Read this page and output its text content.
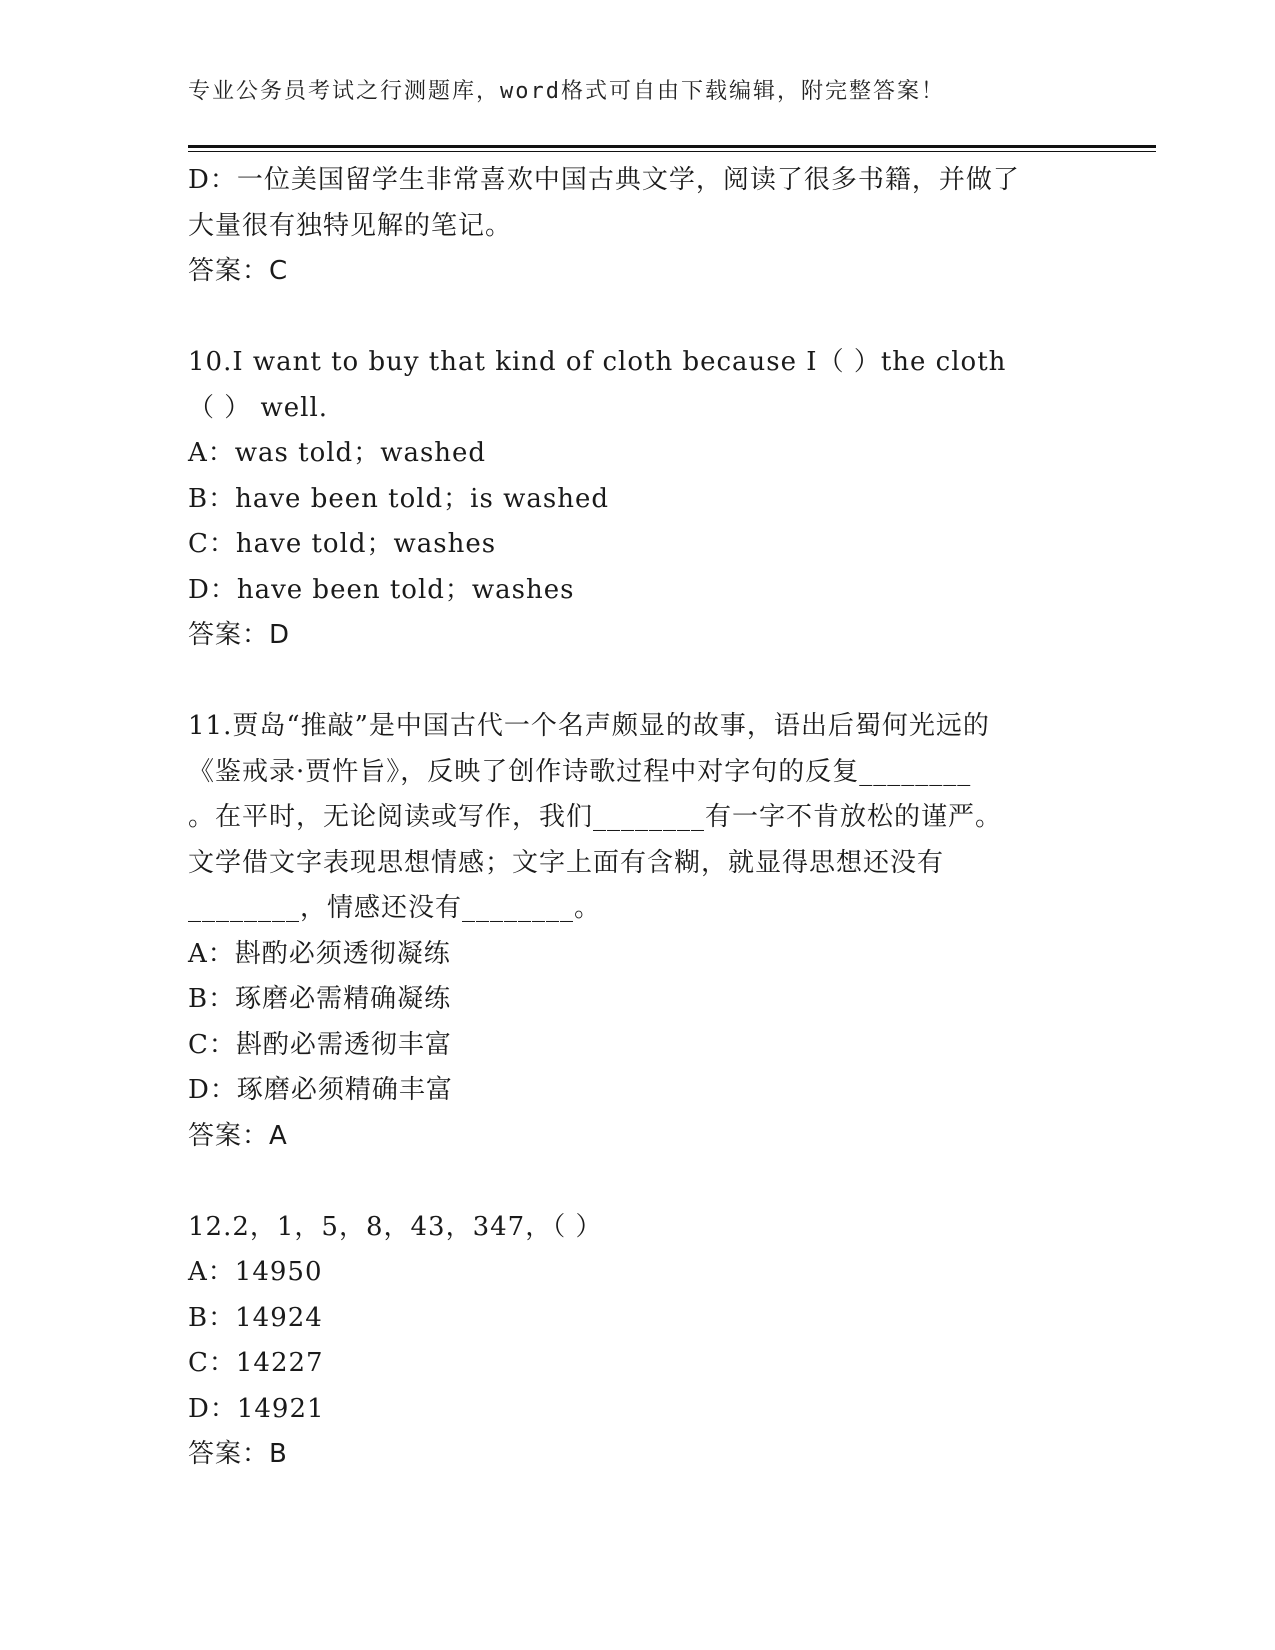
专业公务员考试之行测题库，word格式可自由下载编辑，附完整答案！
D：一位美国留学生非常喜欢中国古典文学，阅读了很多书籍，并做了
大量很有独特见解的笔记。
答案：C
10.I want to buy that kind of cloth because I（ ）the cloth
（ ） well.
A：was told；washed
B：have been told；is washed
C：have told；washes
D：have been told；washes
答案：D
11.贾岛“推敲”是中国古代一个名声颇显的故事，语出后蜀何光远的
《鉴戒录·贾忤旨》，反映了创作诗歌过程中对字句的反复________
。在平时，无论阅读或写作，我们________有一字不肯放松的谨严。
文学借文字表现思想情感；文字上面有含糊，就显得思想还没有
________，情感还没有________。
A：斟酌必须透彻凝练
B：琢磨必需精确凝练
C：斟酌必需透彻丰富
D：琢磨必须精确丰富
答案：A
12.2，1，5，8，43，347，（ ）
A：14950
B：14924
C：14227
D：14921
答案：B
